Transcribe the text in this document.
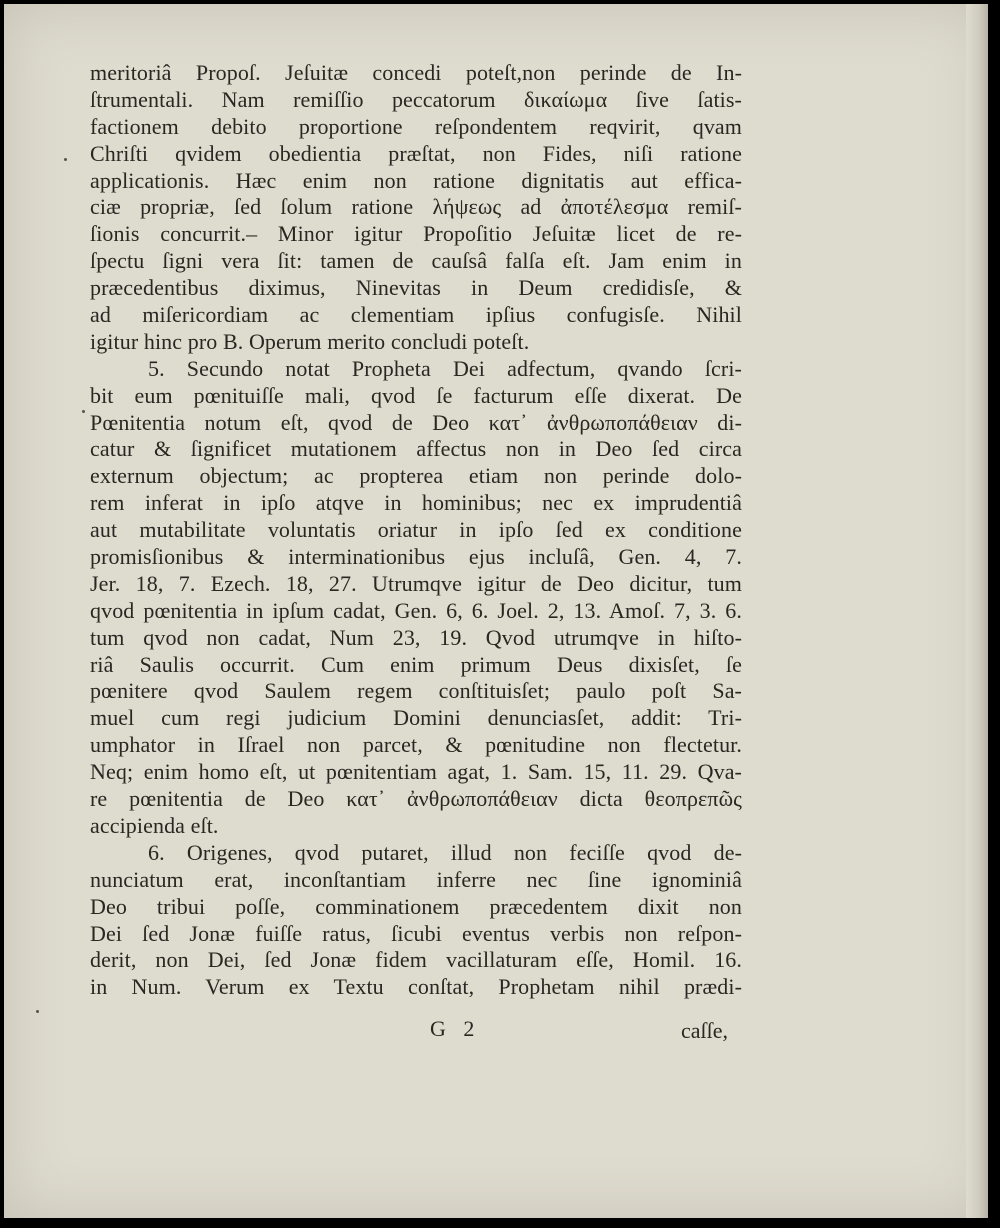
meritoriâ Propoſ. Jeſuitæ concedi poteſt,non perinde de In-
ſtrumentali. Nam remiſſio peccatorum δικαίωμα ſive ſatis-
factionem debito proportione reſpondentem reqvirit, qvam
Chriſti qvidem obedientia præſtat, non Fides, niſi ratione
applicationis. Hæc enim non ratione dignitatis aut effica-
ciæ propriæ, ſed ſolum ratione λήψεως ad ἀποτέλεσμα remiſ-
ſionis concurrit.– Minor igitur Propoſitio Jeſuitæ licet de re-
ſpectu ſigni vera ſit: tamen de cauſsâ falſa eſt. Jam enim in
præcedentibus diximus, Ninevitas in Deum credidisſe, &
ad miſericordiam ac clementiam ipſius confugisſe. Nihil
igitur hinc pro B. Operum merito concludi poteſt.
5. Secundo notat Propheta Dei adfectum, qvando ſcri-
bit eum pœnituiſſe mali, qvod ſe facturum eſſe dixerat. De
Pœnitentia notum eſt, qvod de Deo κατ᾽ ἀνθρωποπάθειαν di-
catur & ſignificet mutationem affectus non in Deo ſed circa
externum objectum; ac propterea etiam non perinde dolo-
rem inferat in ipſo atqve in hominibus; nec ex imprudentiâ
aut mutabilitate voluntatis oriatur in ipſo ſed ex conditione
promisſionibus & interminationibus ejus incluſâ, Gen. 4, 7.
Jer. 18, 7. Ezech. 18, 27. Utrumqve igitur de Deo dicitur, tum
qvod pœnitentia in ipſum cadat, Gen. 6, 6. Joel. 2, 13. Amoſ. 7, 3. 6.
tum qvod non cadat, Num 23, 19. Qvod utrumqve in hiſto-
riâ Saulis occurrit. Cum enim primum Deus dixisſet, ſe
pœnitere qvod Saulem regem conſtituisſet; paulo poſt Sa-
muel cum regi judicium Domini denunciasſet, addit: Tri-
umphator in Iſrael non parcet, & pœnitudine non flectetur.
Neq; enim homo eſt, ut pœnitentiam agat, 1. Sam. 15, 11. 29. Qva-
re pœnitentia de Deo κατ᾽ ἀνθρωποπάθειαν dicta θεοπρεπῶς
accipienda eſt.
6. Origenes, qvod putaret, illud non feciſſe qvod de-
nunciatum erat, inconſtantiam inferre nec ſine ignominiâ
Deo tribui poſſe, comminationem præcedentem dixit non
Dei ſed Jonæ fuiſſe ratus, ſicubi eventus verbis non reſpon-
derit, non Dei, ſed Jonæ fidem vacillaturam eſſe, Homil. 16.
in Num. Verum ex Textu conſtat, Prophetam nihil prædi-
G 2	caſſe,
